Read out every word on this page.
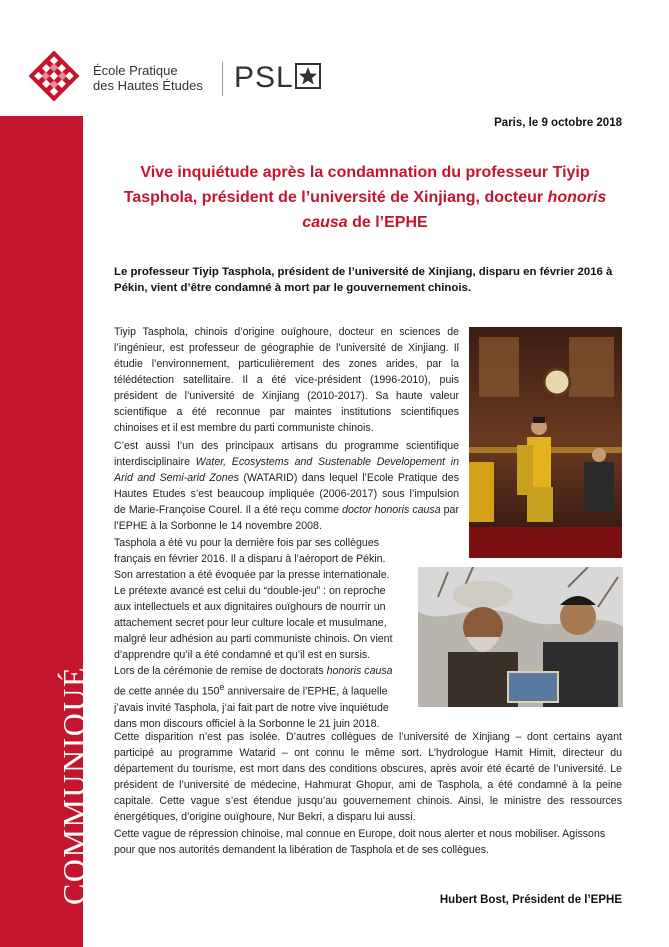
COMMUNIQUÉ
École Pratique
des Hautes Études PSL
Paris, le 9 octobre 2018
Vive inquiétude après la condamnation du professeur Tiyip Tasphola, président de l’université de Xinjiang, docteur honoris causa de l’EPHE
Le professeur Tiyip Tasphola, président de l’université de Xinjiang, disparu en février 2016 à Pékin, vient d’être condamné à mort par le gouvernement chinois.
Tiyip Tasphola, chinois d’origine ouïghoure, docteur en sciences de l’ingénieur, est professeur de géographie de l’université de Xinjiang. Il étudie l’environnement, particulièrement des zones arides, par la télédétection satellitaire. Il a été vice-président (1996-2010), puis président de l’université de Xinjiang (2010-2017). Sa haute valeur scientifique a été reconnue par maintes institutions scientifiques chinoises et il est membre du parti communiste chinois.
C’est aussi l’un des principaux artisans du programme scientifique interdisciplinaire Water, Ecosystems and Sustenable Developement in Arid and Semi-arid Zones (WATARID) dans lequel l’Ecole Pratique des Hautes Etudes s’est beaucoup impliquée (2006-2017) sous l’impulsion de Marie-Françoise Courel. Il a été reçu comme doctor honoris causa par l’EPHE à la Sorbonne le 14 novembre 2008.
Tasphola a été vu pour la dernière fois par ses collègues français en février 2016. Il a disparu à l’aéroport de Pékin. Son arrestation a été évoquée par la presse internationale. Le prétexte avancé est celui du “double-jeu” : on reproche aux intellectuels et aux dignitaires ouïghours de nourrir un attachement secret pour leur culture locale et musulmane, malgré leur adhésion au parti communiste chinois. On vient d’apprendre qu’il a été condamné et qu’il est en sursis.
Lors de la cérémonie de remise de doctorats honoris causa de cette année du 150e anniversaire de l’EPHE, à laquelle j’avais invité Tasphola, j’ai fait part de notre vive inquiétude dans mon discours officiel à la Sorbonne le 21 juin 2018.
Cette disparition n’est pas isolée. D’autres collègues de l’université de Xinjiang – dont certains ayant participé au programme Watarid – ont connu le même sort. L’hydrologue Hamit Himit, directeur du département du tourisme, est mort dans des conditions obscures, après avoir été écarté de l’université. Le président de l’université de médecine, Hahmurat Ghopur, ami de Tasphola, a été condamné à la peine capitale. Cette vague s’est étendue jusqu’au gouvernement chinois. Ainsi, le ministre des ressources énergétiques, d’origine ouïghoure, Nur Bekri, a disparu lui aussi.
Cette vague de répression chinoise, mal connue en Europe, doit nous alerter et nous mobiliser. Agissons pour que nos autorités demandent la libération de Tasphola et de ses collègues.
Hubert Bost, Président de l’EPHE
